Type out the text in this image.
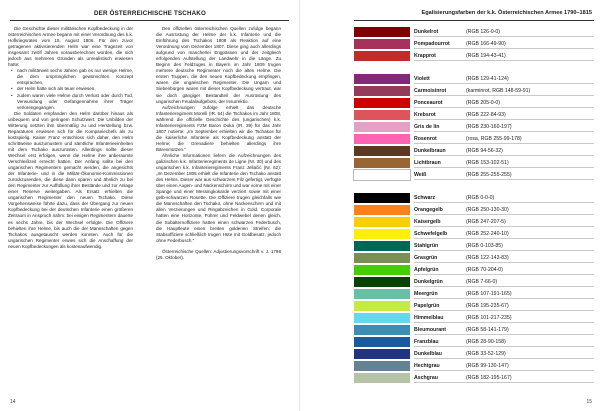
DER ÖSTERREICHISCHE TSCHAKO

Die Geschichte dieser militärischen Kopfbedeckung in der österreichischen Armee begann mit einer Verordnung des k.k. Hofkriegsrates vom 15. August 1806. Für den zuvor getragenen aktivisierenden Helm war eine Tragezeit von insgesamt zwölf Jahren vorausberechnet worden, die sich jedoch aus mehreren Gründen als unrealistisch erwiesen hatte:

• nach militärweit sechs Jahren gab es nur wenige Helme, die dem ursprünglichen gewünschten Konzept entsprachen,
• der Helm hatte sich als teuer erwiesen,
• zudem waren viele Helme durch Verlust oder durch Tod, Verwundung oder Gefangennahme ihrer Träger verlorengegangen.

Die Soldaten empfanden den Helm darüber hinaus als unbequem und von geringem Schutzwert. Die Unbilden der Witterung setzten ihm übermäßig zu und Herstellung bzw. Reparaturen erwiesen sich für die Kompaniechefs als zu kostspielig. Kaiser Franz entschloss sich daher, den Helm schrittweise auszumustern und sämtliche Infanterieeinheiten mit dem Tschako auszurüsten. Allerdings sollte dieser Wechsel erst erfolgen, wenn die Helme ihre anberaumte Verschleißzeit erreicht hatten. Der Anfang sollte bei den ungarischen Regimentern gemacht werden, die angesichts der Infanterie- und in die Militär-Ökonomie-Kommissionen zurückzusenden, die diese dann sparen und ähnlich zu bei den Regimenter zur Auffüllung ihrer Bestände und zur Anlage einer Reserve weitergaben. Als Ersatz erhielten die ungarischen Regimenter den neuen Tschako. Diese Vorgehensweise führte dazu, dass der Übergang zur neuen Kopfbedeckung bei der deutschen Infanterie einen größeren Zeitraum in Anspruch nahm: bei einigen Regimentern dauerte es sechs Jahre, bis der Wechsel erfolgte. Die Offiziere behielten ihre Helme, bis auch die der Mannschaften gegen Tschakos ausgetauscht werden konnten. Auch für die ungarischen Regimenter erwies sich die Anschaffung der neuen Kopfbedeckungen als kostenaufwendig.

Den offiziellen österreichischen Quellen zufolge begann die Ausrüstung der Helme der k.k. Infanterie und die Einführung des Tschakos 1808 als Reaktion auf eine Verordnung vom Dezember 1807. Diese ging auch allerdings aufgrund von mancherlei Engpässen und der zeitgleich erfolgenden Aufstellung der Landwehr in die Länge. Zu Beginn des Feldzuges in Bayern im Jahr 1809 trugen mehrere deutsche Regimenter noch die alten Helme. Die ersten Truppen, die den neuen Kopfbedeckung empfingen, waren die ungarischen Regimenter. Die Ungarn und Siebenbürgen waren mit dieser Kopfbedeckung vertraut, war sie doch gängiger Bestandteil der Ausrüstung des ungarischen Feudalaufgebots, der Insurrektio.

Aufzeichnungen zufolge erhielt das deutsche Infanterieregiment Morelli (IR. 54) die Tschakos im Jahr 1808, während die offizielle Geschichte des (ungarischen) k.k. Infanterieregiments FZM Baron Duka (IR. 39) für das Jahr 1807 notierte: „Im September erhielten wir die Tschakos für die kaiserliche Infanterie als Kopfbedeckung anstatt der Helme; die Grenadiere behielten allerdings ihre Bärenmützen.“

Ähnliche Informationen liefern die Aufzeichnungen des galizischen k.k. Infanterieregiments de Ligne (Nr. 30) und des ungarischen k.k. Infanterieregiments Franz Jellačić (Nr. 62): „Im Dezember 1805 erhielt die Infanterie den Tschako anstatt des Helms. Dieser war aus schwarzem Filz gefertigt, verfügte über einen Augen- und Nackenschirm und war vorne mit einer Spange und einer Messingkokarde verziert sowie mit einer gelb-schwarzen Rosette. Die Offiziere trugen gleichfalls wie die Mannschaften den Tschako, ohne Nackenschirm und mit allen Verzierungen und Ringabzeichen in Gold. Corporale hatten eine Horizonte, Führer und Feldwebel denen gleich, die Subalternoffiziere hatten einen schwarzen Federbusch, die Hauptleute einen breiten goldenen Streifen; die Stabsoffiziere schließlich trugen Hüte mit Goldbesatz, jedoch ohne Federbusch.“

Österreichische Quellen: Adjustierungsvorschrift v. J. 1798 (25. Oktober).

14	15
Egalisierungsfarben der k.k. Österreichischen Armee 1790–1815
Dunkelrot	(RGB 126-0-0)
Pompadourrot	(RGB 166-49-90)
Krapprot	(RGB 194-43-41)
Violett	(RGB 129-41-124)
Carmoisinrot	(karminrot, RGB 148-59-91)
Ponceaurot	(RGB 205-0-0)
Krebsrot	(RGB 222-84-93)
Gris de lin	(RGB 230-160-197)
Rosenrot	(rosa, RGB 255-99-178)
Dunkelbraun	(RGB 94-56-32)
Lichtbraun	(RGB 153-102-51)
Weiß	(RGB 255-255-255)
Schwarz	(RGB 0-0-0)
Orangegelb	(RGB 250-130-30)
Kaisergelb	(RGB 247-207-5)
Schwefelgelb	(RGB 252-240-10)
Stahlgrün	(RGB 0-103-85)
Grasgrün	(RGB 122-143-83)
Apfelgrün	(RGB 70-204-0)
Dunkelgrün	(RGB 7-66-0)
Meergrün	(RGB 107-191-165)
Papelgrün	(RGB 195-235-67)
Himmelblau	(RGB 101-217-235)
Bleumourant	(RGB 58-141-179)
Franzblau	(RGB 28-90-158)
Dunkelblau	(RGB 33-52-129)
Hechtgrau	(RGB 99-130-147)
Aschgrau	(RGB 182-195-167)
